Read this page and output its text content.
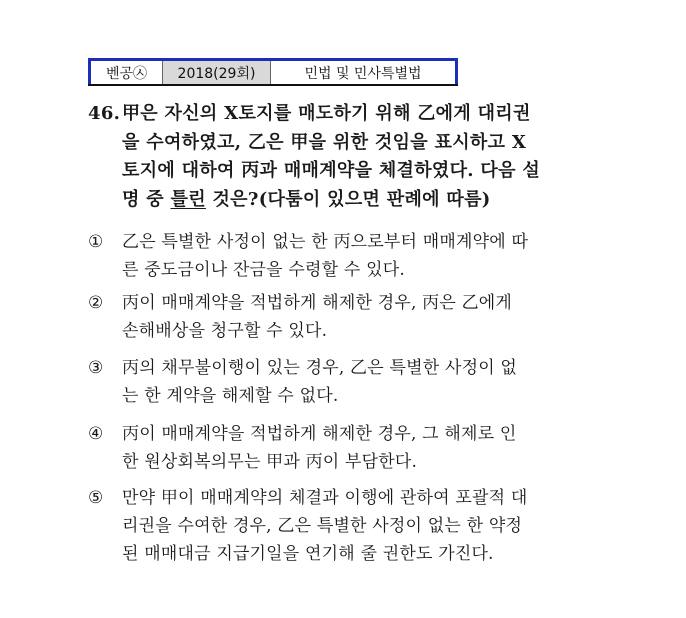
벤공㉦	2018(29회)	민법 및 민사특별법
46.甲은 자신의 X토지를 매도하기 위해 乙에게 대리권
을 수여하였고, 乙은 甲을 위한 것임을 표시하고 X
토지에 대하여 丙과 매매계약을 체결하였다. 다음 설
명 중 틀린 것은?(다툼이 있으면 판례에 따름)
① 乙은 특별한 사정이 없는 한 丙으로부터 매매계약에 따
른 중도금이나 잔금을 수령할 수 있다.
② 丙이 매매계약을 적법하게 해제한 경우, 丙은 乙에게
손해배상을 청구할 수 있다.
③ 丙의 채무불이행이 있는 경우, 乙은 특별한 사정이 없
는 한 계약을 해제할 수 없다.
④ 丙이 매매계약을 적법하게 해제한 경우, 그 해제로 인
한 원상회복의무는 甲과 丙이 부담한다.
⑤ 만약 甲이 매매계약의 체결과 이행에 관하여 포괄적 대
리권을 수여한 경우, 乙은 특별한 사정이 없는 한 약정
된 매매대금 지급기일을 연기해 줄 권한도 가진다.
